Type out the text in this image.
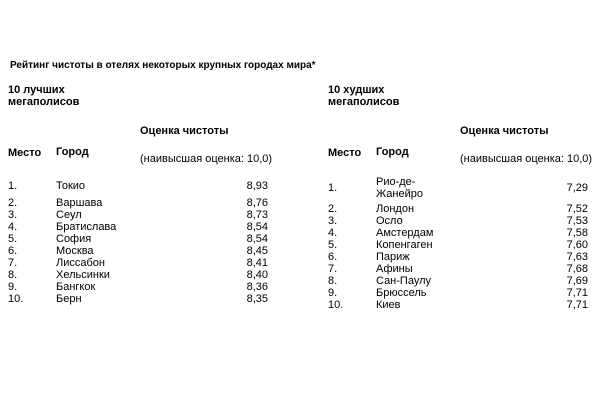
Рейтинг чистоты в отелях некоторых крупных городах мира*
10 лучших мегаполисов
Оценка чистоты
Место Город
(наивысшая оценка: 10,0)
1.	Токио	8,93
2.	Варшава	8,76
3.	Сеул	8,73
4.	Братислава	8,54
5.	София	8,54
6.	Москва	8,45
7.	Лиссабон	8,41
8.	Хельсинки	8,40
9.	Бангкок	8,36
10.	Берн	8,35
10 худших мегаполисов
Оценка чистоты
Место Город
(наивысшая оценка: 10,0)
1.	Рио-де-Жанейро	7,29
2.	Лондон	7,52
3.	Осло	7,53
4.	Амстердам	7,58
5.	Копенгаген	7,60
6.	Париж	7,63
7.	Афины	7,68
8.	Сан-Паулу	7,69
9.	Брюссель	7,71
10.	Киев	7,71
